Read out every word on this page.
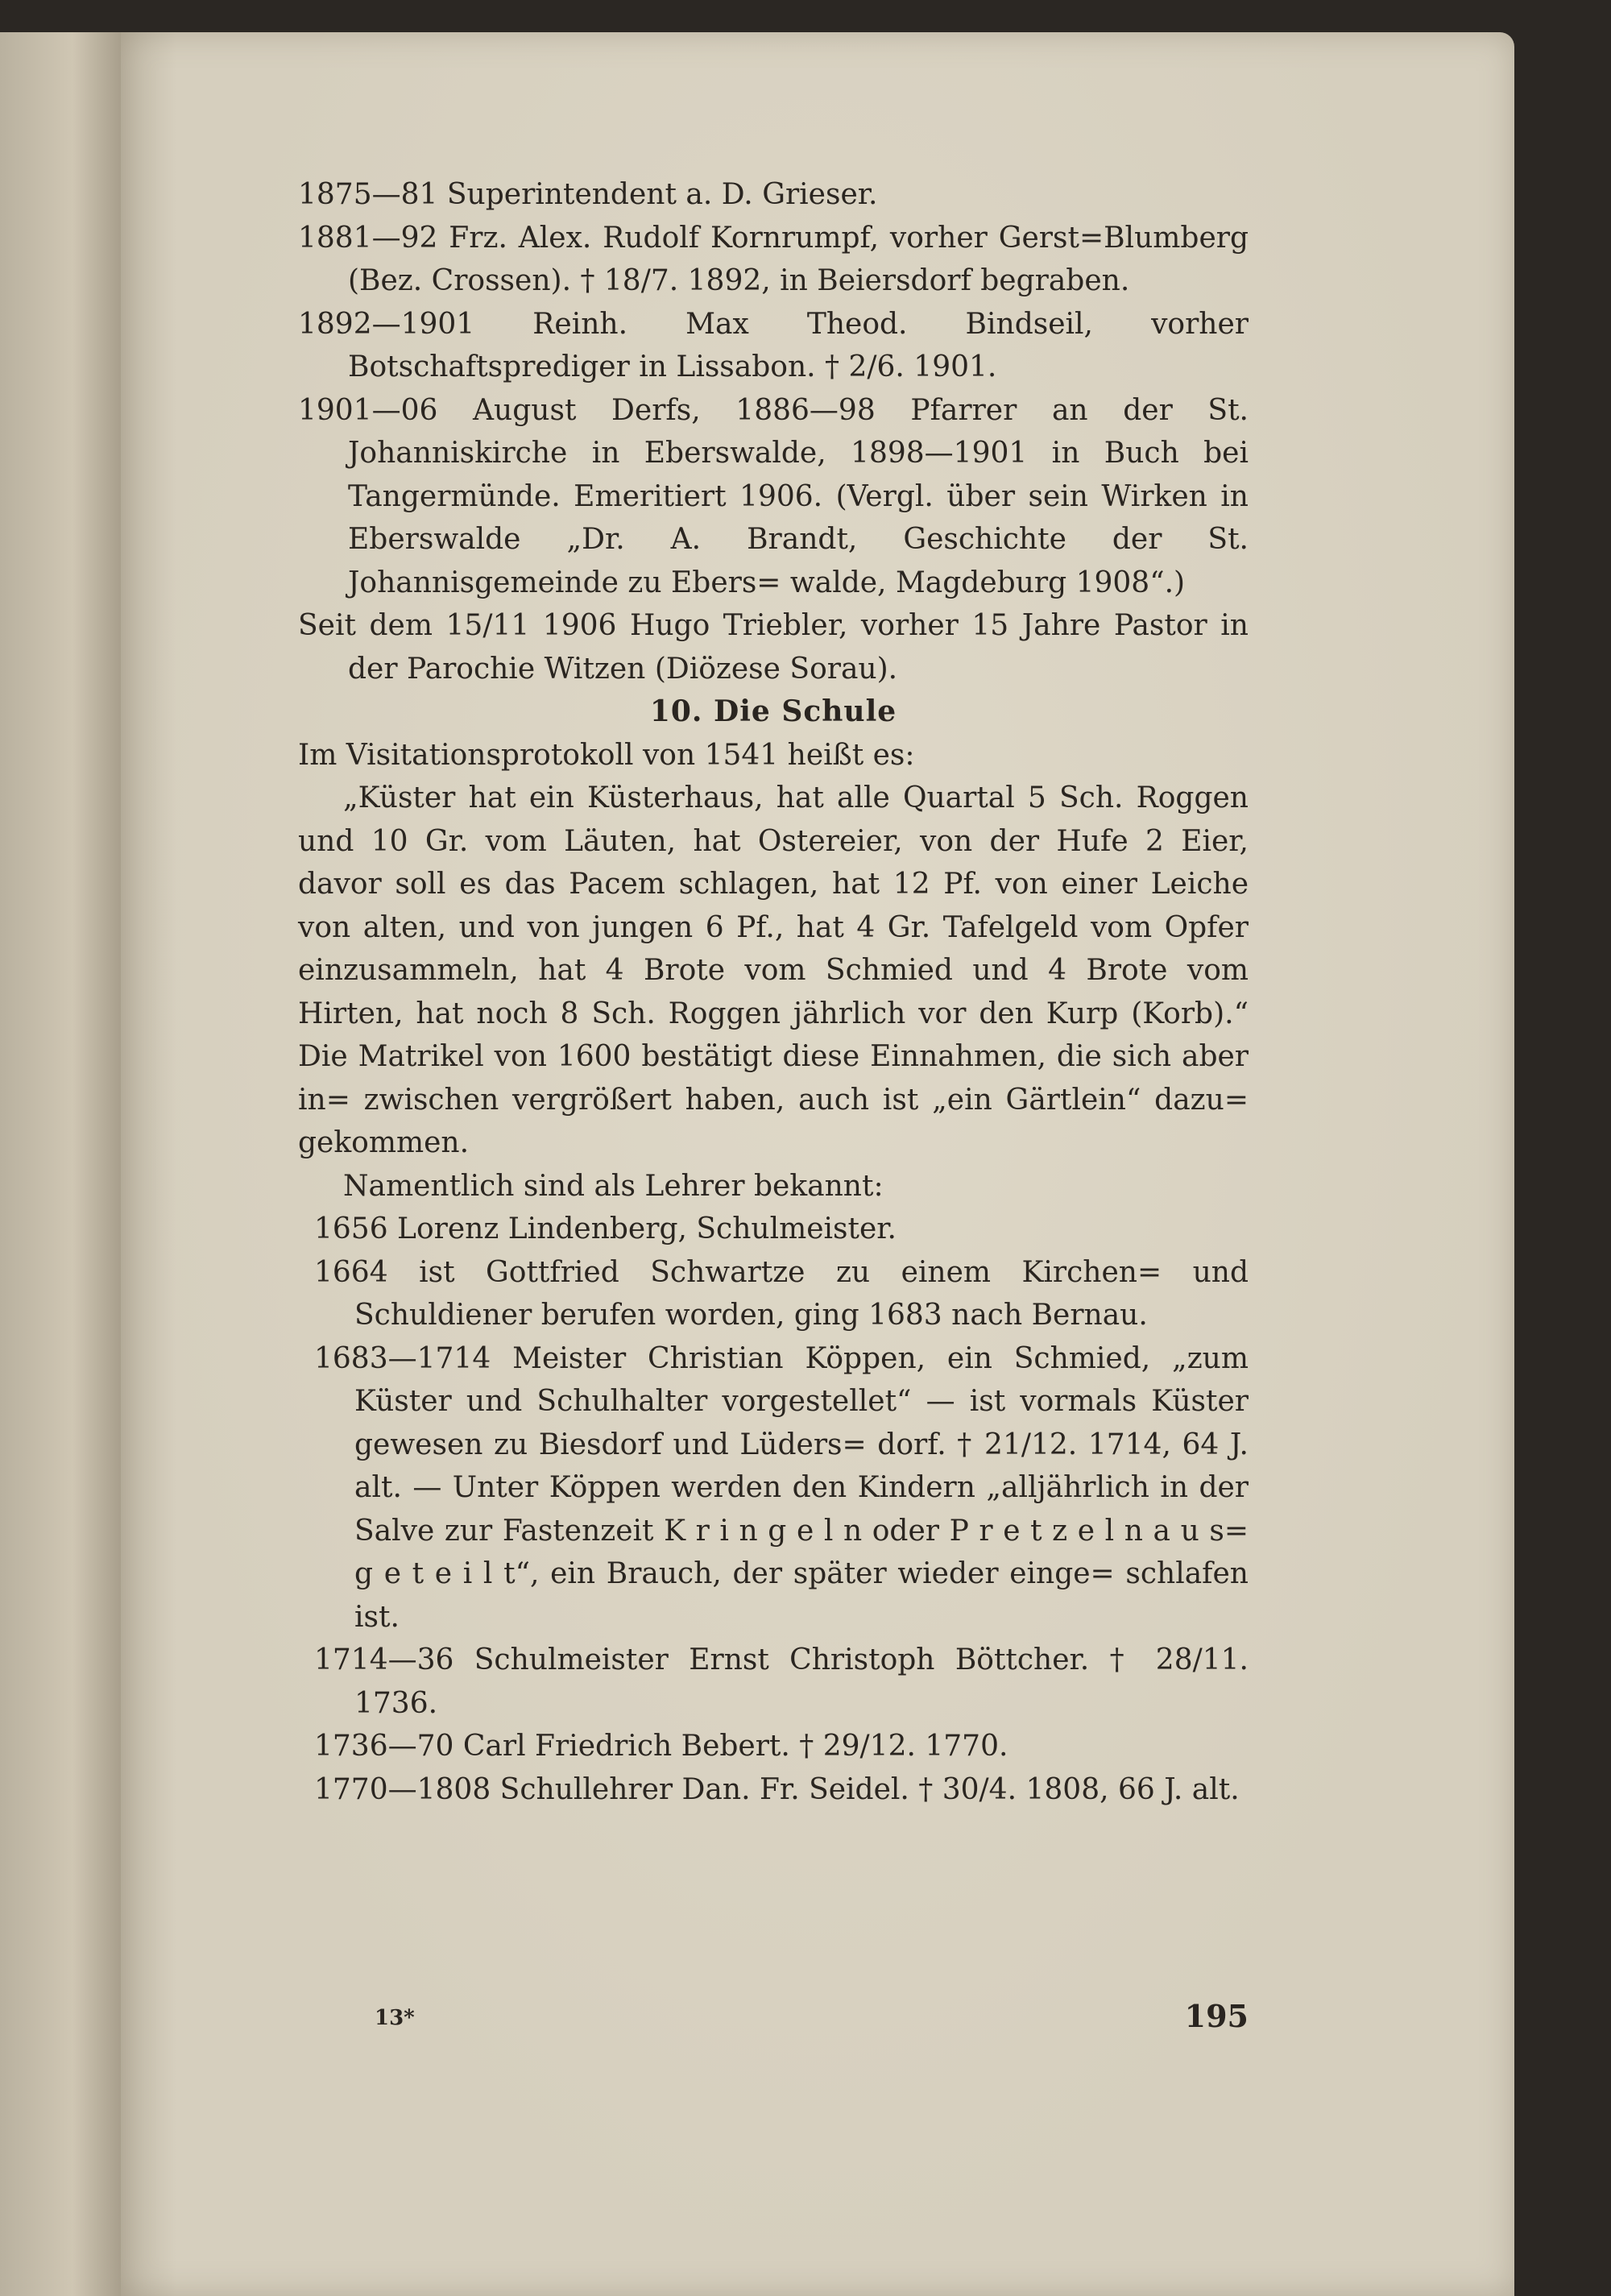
1875—81 Superintendent a. D. Grieser.

1881—92 Frz. Alex. Rudolf Kornrumpf, vorher Gerst=Blumberg (Bez. Crossen). † 18/7. 1892, in Beiersdorf begraben.

1892—1901 Reinh. Max Theod. Bindseil, vorher Botschaftsprediger in Lissabon. † 2/6. 1901.

1901—06 August Derfs, 1886—98 Pfarrer an der St. Johanniskirche in Eberswalde, 1898—1901 in Buch bei Tangermünde. Emeritiert 1906. (Vergl. über sein Wirken in Eberswalde „Dr. A. Brandt, Geschichte der St. Johannisgemeinde zu Ebers= walde, Magdeburg 1908“.)

Seit dem 15/11 1906 Hugo Triebler, vorher 15 Jahre Pastor in der Parochie Witzen (Diözese Sorau).

10. Die Schule

Im Visitationsprotokoll von 1541 heißt es:

„Küster hat ein Küsterhaus, hat alle Quartal 5 Sch. Roggen und 10 Gr. vom Läuten, hat Ostereier, von der Hufe 2 Eier, davor soll es das Pacem schlagen, hat 12 Pf. von einer Leiche von alten, und von jungen 6 Pf., hat 4 Gr. Tafelgeld vom Opfer einzusammeln, hat 4 Brote vom Schmied und 4 Brote vom Hirten, hat noch 8 Sch. Roggen jährlich vor den Kurp (Korb).“ Die Matrikel von 1600 bestätigt diese Einnahmen, die sich aber in= zwischen vergrößert haben, auch ist „ein Gärtlein“ dazu= gekommen.

Namentlich sind als Lehrer bekannt:

1656 Lorenz Lindenberg, Schulmeister.

1664 ist Gottfried Schwartze zu einem Kirchen= und Schuldiener berufen worden, ging 1683 nach Bernau.

1683—1714 Meister Christian Köppen, ein Schmied, „zum Küster und Schulhalter vorgestellet“ — ist vormals Küster gewesen zu Biesdorf und Lüders= dorf. † 21/12. 1714, 64 J. alt. — Unter Köppen werden den Kindern „alljährlich in der Salve zur Fastenzeit K r i n g e l n oder P r e t z e l n a u s= g e t e i l t“, ein Brauch, der später wieder einge= schlafen ist.

1714—36 Schulmeister Ernst Christoph Böttcher. † 28/11. 1736.

1736—70 Carl Friedrich Bebert. † 29/12. 1770.

1770—1808 Schullehrer Dan. Fr. Seidel. † 30/4. 1808, 66 J. alt.

13*	195
